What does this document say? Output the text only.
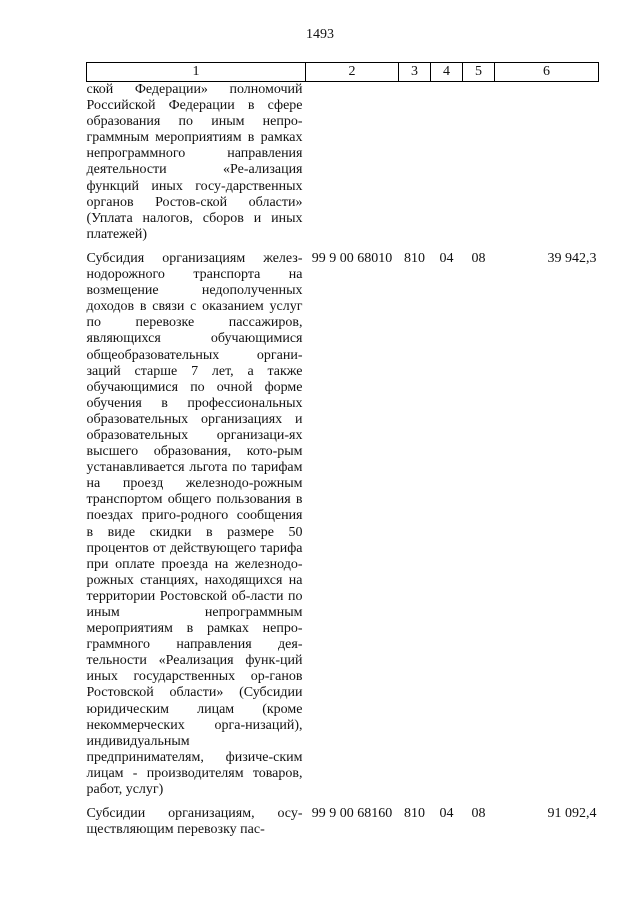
1493
1	2	3	4	5	6
ской Федерации» полномочий Российской Федерации в сфере образования по иным непро-граммным мероприятиям в рамках непрограммного направления деятельности «Ре-ализация функций иных госу-дарственных органов Ростов-ской области» (Уплата налогов, сборов и иных платежей)					
Субсидия организациям желез-нодорожного транспорта на возмещение недополученных доходов в связи с оказанием услуг по перевозке пассажиров, являющихся обучающимися общеобразовательных органи-заций старше 7 лет, а также обучающимися по очной форме обучения в профессиональных образовательных организациях и образовательных организаци-ях высшего образования, кото-рым устанавливается льгота по тарифам на проезд железнодо-рожным транспортом общего пользования в поездах приго-родного сообщения в виде скидки в размере 50 процентов от действующего тарифа при оплате проезда на железнодо-рожных станциях, находящихся на территории Ростовской об-ласти по иным непрограммным мероприятиям в рамках непро-граммного направления дея-тельности «Реализация функ-ций иных государственных ор-ганов Ростовской области» (Субсидии юридическим лицам (кроме некоммерческих орга-низаций), индивидуальным предпринимателям, физиче-ским лицам - производителям товаров, работ, услуг)	99 9 00 68010	810	04	08	39 942,3
Субсидии организациям, осу-ществляющим перевозку пас-	99 9 00 68160	810	04	08	91 092,4
